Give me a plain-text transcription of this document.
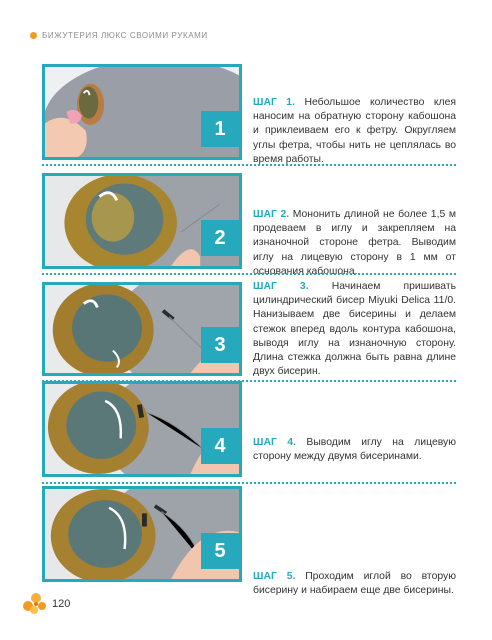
БИЖУТЕРИЯ ЛЮКС СВОИМИ РУКАМИ
1
ШАГ 1. Небольшое количество клея наносим на обратную сторону кабошона и приклеиваем его к фетру. Округляем углы фетра, чтобы нить не цеплялась во время работы.
2
ШАГ 2. Мононить длиной не более 1,5 м продеваем в иглу и закрепляем на изнаночной стороне фетра. Выводим иглу на лицевую сторону в 1 мм от основания кабошона.
3
ШАГ 3. Начинаем пришивать цилиндрический бисер Miyuki Delica 11/0. Нанизываем две бисерины и делаем стежок вперед вдоль контура кабошона, выводя иглу на изнаночную сторону. Длина стежка должна быть равна длине двух бисерин.
4	ШАГ 4. Выводим иглу на лицевую сторону между двумя бисеринами.
5
ШАГ 5. Проходим иглой во вторую бисерину и набираем еще две бисерины.
120
